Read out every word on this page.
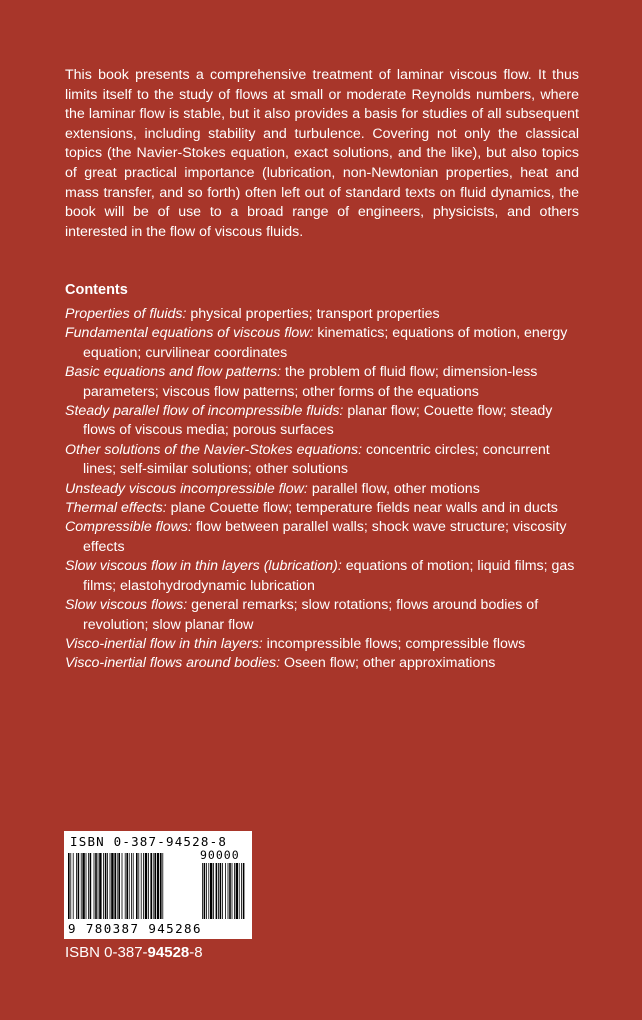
This book presents a comprehensive treatment of laminar viscous flow. It thus limits itself to the study of flows at small or moderate Reynolds numbers, where the laminar flow is stable, but it also provides a basis for studies of all subsequent extensions, including stability and turbulence. Covering not only the classical topics (the Navier-Stokes equation, exact solutions, and the like), but also topics of great practical importance (lubrication, non-Newtonian properties, heat and mass transfer, and so forth) often left out of standard texts on fluid dynamics, the book will be of use to a broad range of engineers, physicists, and others interested in the flow of viscous fluids.

Contents
Properties of fluids: physical properties; transport properties
Fundamental equations of viscous flow: kinematics; equations of motion, energy equation; curvilinear coordinates
Basic equations and flow patterns: the problem of fluid flow; dimension-less parameters; viscous flow patterns; other forms of the equations
Steady parallel flow of incompressible fluids: planar flow; Couette flow; steady flows of viscous media; porous surfaces
Other solutions of the Navier-Stokes equations: concentric circles; concurrent lines; self-similar solutions; other solutions
Unsteady viscous incompressible flow: parallel flow, other motions
Thermal effects: plane Couette flow; temperature fields near walls and in ducts
Compressible flows: flow between parallel walls; shock wave structure; viscosity effects
Slow viscous flow in thin layers (lubrication): equations of motion; liquid films; gas films; elastohydrodynamic lubrication
Slow viscous flows: general remarks; slow rotations; flows around bodies of revolution; slow planar flow
Visco-inertial flow in thin layers: incompressible flows; compressible flows
Visco-inertial flows around bodies: Oseen flow; other approximations
ISBN 0-387-94528-8
90000
9 780387 945286

ISBN 0-387-94528-8
